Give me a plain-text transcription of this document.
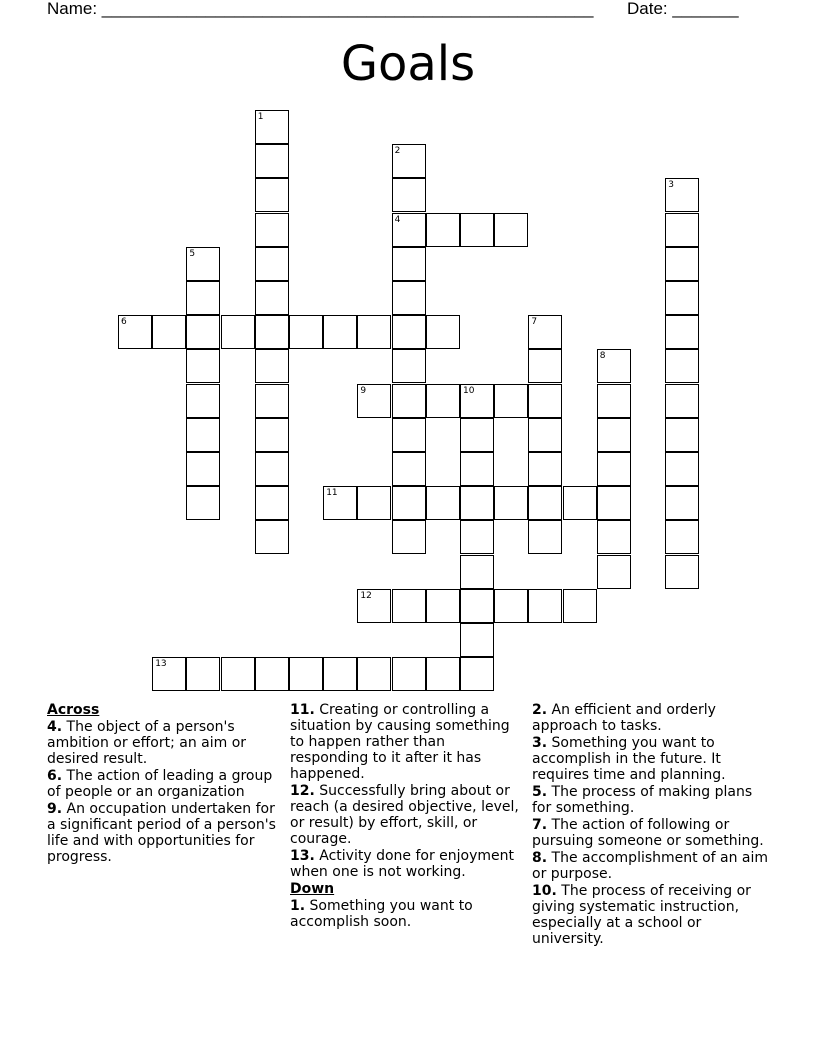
Name: ____________________________________________________ Date: _______
Goals
1
2
4
3
5
6	7
8
9	10
11
12
13
Across
4. The object of a person's ambition or effort; an aim or desired result.
6. The action of leading a group of people or an organization
9. An occupation undertaken for a significant period of a person's life and with opportunities for progress.
11. Creating or controlling a situation by causing something to happen rather than responding to it after it has happened.
12. Successfully bring about or reach (a desired objective, level, or result) by effort, skill, or courage.
13. Activity done for enjoyment when one is not working.
Down
1. Something you want to accomplish soon.
2. An efficient and orderly approach to tasks.
3. Something you want to accomplish in the future. It requires time and planning.
5. The process of making plans for something.
7. The action of following or pursuing someone or something.
8. The accomplishment of an aim or purpose.
10. The process of receiving or giving systematic instruction, especially at a school or university.
